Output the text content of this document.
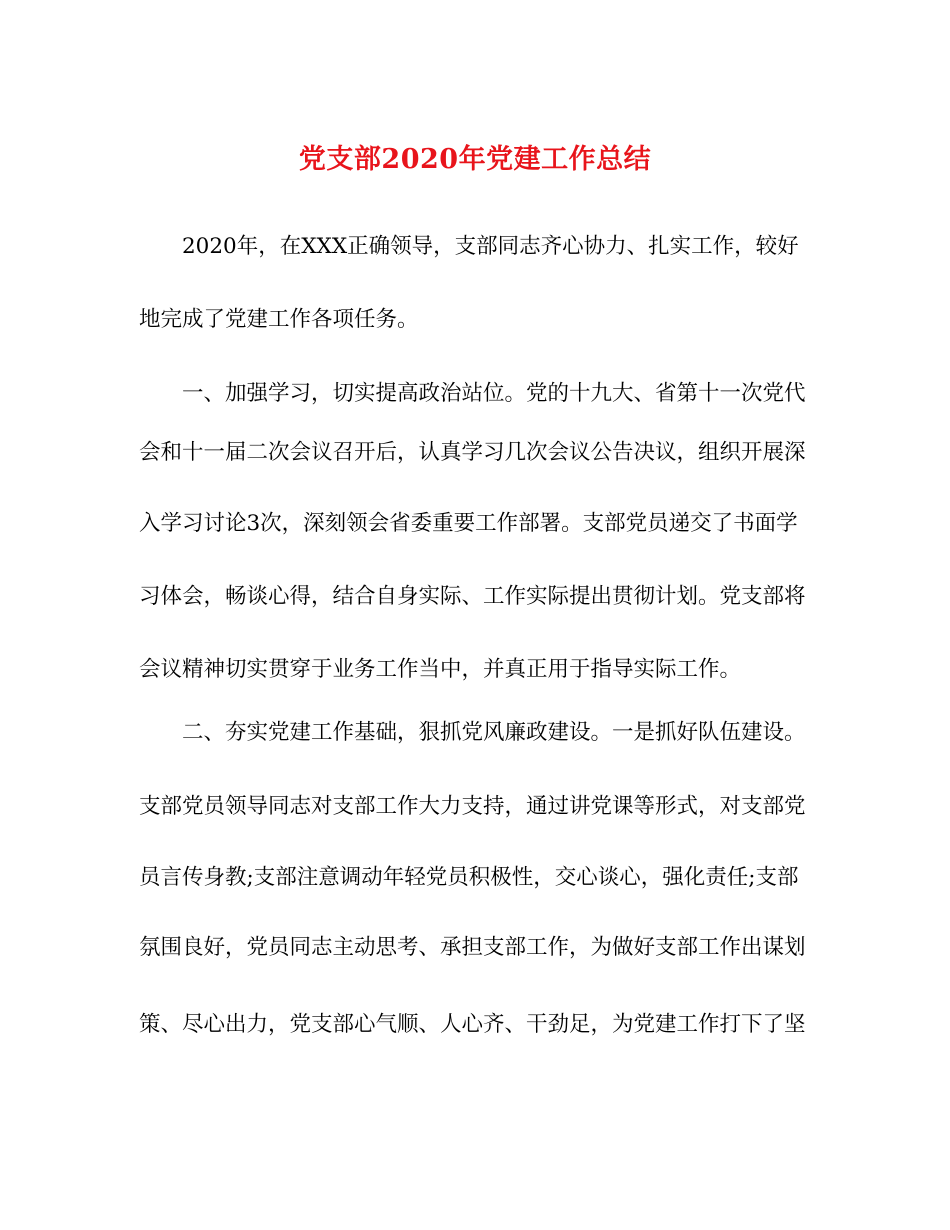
党支部2020年党建工作总结

2020年，在XXX正确领导，支部同志齐心协力、扎实工作，较好

地完成了党建工作各项任务。

一、加强学习，切实提高政治站位。党的十九大、省第十一次党代

会和十一届二次会议召开后，认真学习几次会议公告决议，组织开展深

入学习讨论3次，深刻领会省委重要工作部署。支部党员递交了书面学

习体会，畅谈心得，结合自身实际、工作实际提出贯彻计划。党支部将

会议精神切实贯穿于业务工作当中，并真正用于指导实际工作。

二、夯实党建工作基础，狠抓党风廉政建设。一是抓好队伍建设。

支部党员领导同志对支部工作大力支持，通过讲党课等形式，对支部党

员言传身教;支部注意调动年轻党员积极性，交心谈心，强化责任;支部

氛围良好，党员同志主动思考、承担支部工作，为做好支部工作出谋划

策、尽心出力，党支部心气顺、人心齐、干劲足，为党建工作打下了坚
